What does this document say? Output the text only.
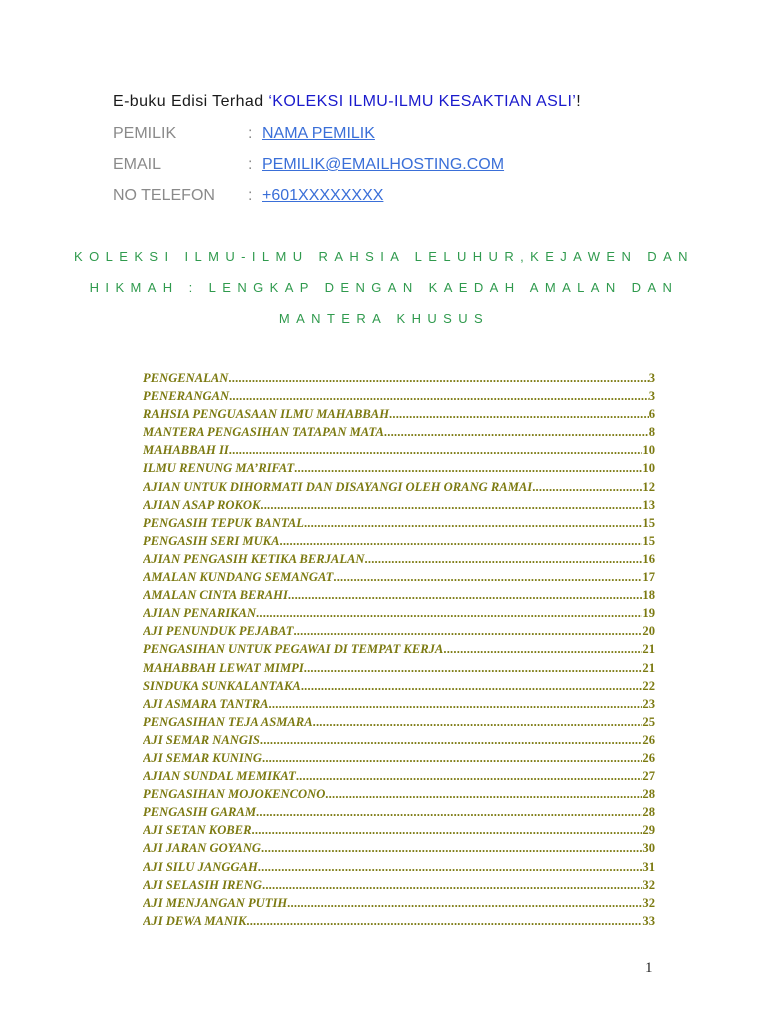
E-buku Edisi Terhad ‘KOLEKSI ILMU-ILMU KESAKTIAN ASLI’!
PEMILIK	: NAMA PEMILIK
EMAIL	: PEMILIK@EMAILHOSTING.COM
NO TELEFON : +601XXXXXXXX
KOLEKSI ILMU-ILMU RAHSIA LELUHUR,KEJAWEN DAN
HIKMAH : LENGKAP DENGAN KAEDAH AMALAN DAN
MANTERA KHUSUS
PENGENALAN .....	3
PENERANGAN .....	3
RAHSIA PENGUASAAN ILMU MAHABBAH .....	6
MANTERA PENGASIHAN TATAPAN MATA .....	8
MAHABBAH II .....	10
ILMU RENUNG MA’RIFAT .....	10
AJIAN UNTUK DIHORMATI DAN DISAYANGI OLEH ORANG RAMAI .....	12
AJIAN ASAP ROKOK .....	13
PENGASIH TEPUK BANTAL .....	15
PENGASIH SERI MUKA .....	15
AJIAN PENGASIH KETIKA BERJALAN .....	16
AMALAN KUNDANG SEMANGAT .....	17
AMALAN CINTA BERAHI .....	18
AJIAN PENARIKAN .....	19
AJI PENUNDUK PEJABAT .....	20
PENGASIHAN UNTUK PEGAWAI DI TEMPAT KERJA .....	21
MAHABBAH LEWAT MIMPI .....	21
SINDUKA SUNKALANTAKA .....	22
AJI ASMARA TANTRA .....	23
PENGASIHAN TEJA ASMARA .....	25
AJI SEMAR NANGIS .....	26
AJI SEMAR KUNING .....	26
AJIAN SUNDAL MEMIKAT .....	27
PENGASIHAN MOJOKENCONO .....	28
PENGASIH GARAM .....	28
AJI SETAN KOBER .....	29
AJI JARAN GOYANG .....	30
AJI SILU JANGGAH .....	31
AJI SELASIH IRENG .....	32
AJI MENJANGAN PUTIH .....	32
AJI DEWA MANIK .....	33
1
